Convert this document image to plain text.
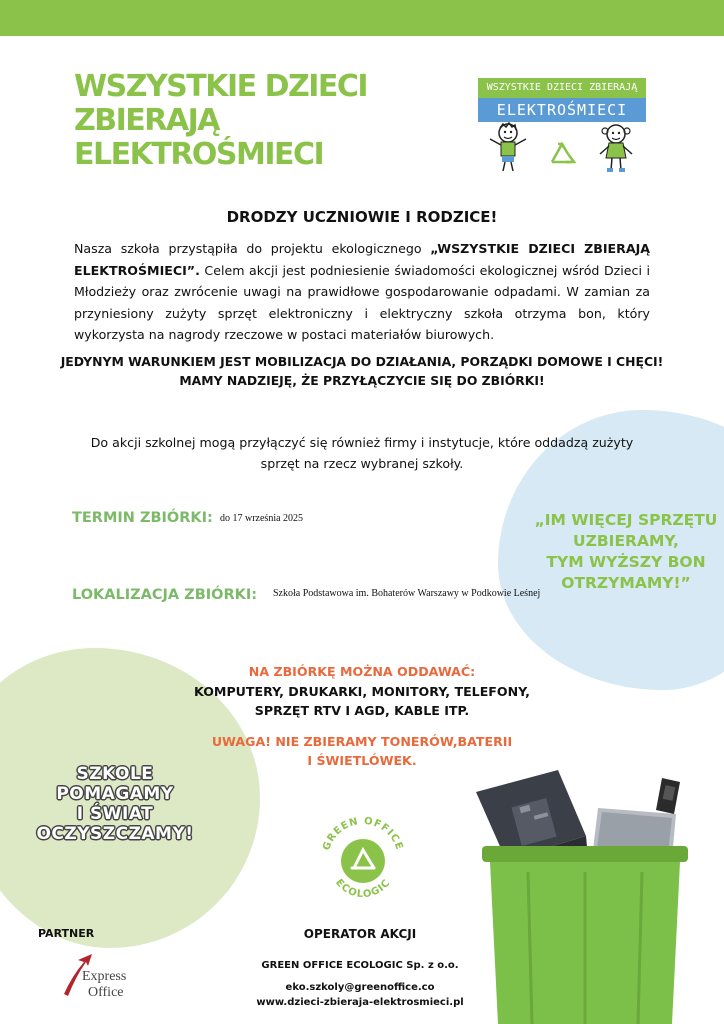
WSZYSTKIE DZIECI
ZBIERAJĄ
ELEKTROŚMIECI
WSZYSTKIE DZIECI ZBIERAJĄ
ELEKTROŚMIECI
DRODZY UCZNIOWIE I RODZICE!
Nasza szkoła przystąpiła do projektu ekologicznego „WSZYSTKIE DZIECI ZBIERAJĄ ELEKTROŚMIECI”. Celem akcji jest podniesienie świadomości ekologicznej wśród Dzieci i Młodzieży oraz zwrócenie uwagi na prawidłowe gospodarowanie odpadami. W zamian za przyniesiony zużyty sprzęt elektroniczny i elektryczny szkoła otrzyma bon, który wykorzysta na nagrody rzeczowe w postaci materiałów biurowych.
JEDYNYM WARUNKIEM JEST MOBILIZACJA DO DZIAŁANIA, PORZĄDKI DOMOWE I CHĘCI!
MAMY NADZIEJĘ, ŻE PRZYŁĄCZYCIE SIĘ DO ZBIÓRKI!
Do akcji szkolnej mogą przyłączyć się również firmy i instytucje, które oddadzą zużyty sprzęt na rzecz wybranej szkoły.
TERMIN ZBIÓRKI: do 17 września 2025	„IM WIĘCEJ SPRZĘTU
UZBIERAMY,
TYM WYŻSZY BON
OTRZYMAMY!”
LOKALIZACJA ZBIÓRKI: Szkoła Podstawowa im. Bohaterów Warszawy w Podkowie Leśnej
NA ZBIÓRKĘ MOŻNA ODDAWAĆ:
KOMPUTERY, DRUKARKI, MONITORY, TELEFONY,
SPRZĘT RTV I AGD, KABLE ITP.
UWAGA! NIE ZBIERAMY TONERÓW,BATERII
I ŚWIETLÓWEK.
SZKOLE
POMAGAMY
I ŚWIAT
OCZYSZCZAMY!
GREEN OFFICE
ECOLOGIC
PARTNER
Express
Office
OPERATOR AKCJI
GREEN OFFICE ECOLOGIC Sp. z o.o.
eko.szkoly@greenoffice.co
www.dzieci-zbieraja-elektrosmieci.pl
